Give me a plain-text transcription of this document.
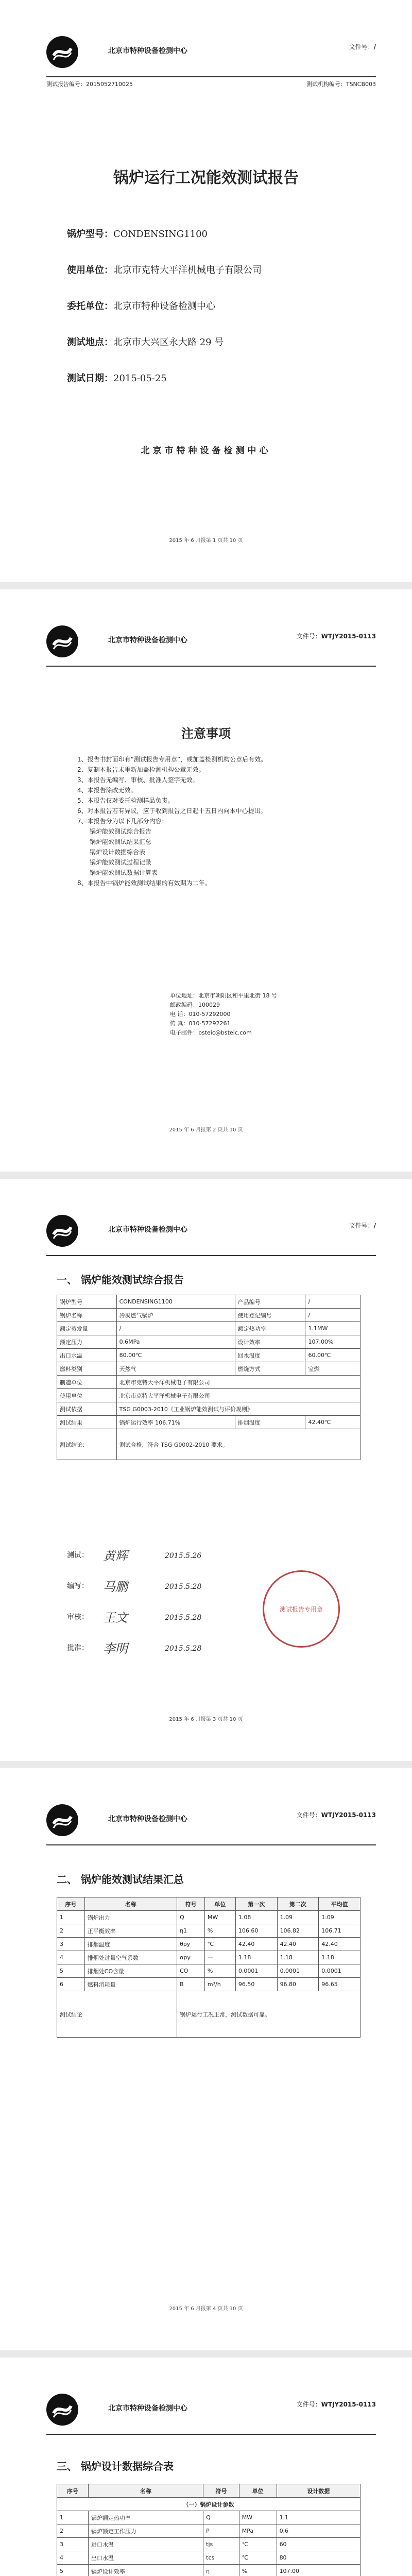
北京市特种设备检测中心	文件号：/
测试报告编号：2015052710025	测试机构编号：TSNCB003
锅炉运行工况能效测试报告
锅炉型号：CONDENSING1100
使用单位：北京市克特大平洋机械电子有限公司
委托单位：北京市特种设备检测中心
测试地点：北京市大兴区永大路 29 号
测试日期：2015-05-25
北京市特种设备检测中心
2015 年 6 月报第 1 页共 10 页
北京市特种设备检测中心	文件号：WTJY2015-0113
注意事项
1、报告书封面印有“测试报告专用章”，或加盖检测机构公章后有效。
2、复制本报告未重新加盖检测机构公章无效。
3、本报告无编写、审核、批准人签字无效。
4、本报告涂改无效。
5、本报告仅对委托检测样品负责。
6、对本报告若有异议，应于收到报告之日起十五日内向本中心提出。
7、本报告分为以下几部分内容：
锅炉能效测试综合报告
锅炉能效测试结果汇总
锅炉设计数据综合表
锅炉能效测试过程记录
锅炉能效测试数据计算表
8、本报告中锅炉能效测试结果的有效期为二年。
单位地址：北京市朝阳区和平里北街 18 号
邮政编码：100029
电 话：010-57292000
传 真：010-57292261
电子邮件：bsteic@bsteic.com
2015 年 6 月报第 2 页共 10 页
北京市特种设备检测中心	文件号：/
一、 锅炉能效测试综合报告
锅炉型号	CONDENSING1100	产品编号	/
锅炉名称	冷凝燃气锅炉	使用登记编号	/
额定蒸发量	/	额定热功率	1.1MW
额定压力	0.6MPa	设计效率	107.00%
出口水温	80.00℃	回水温度	60.00℃
燃料类别	天然气	燃烧方式	室燃
制造单位	北京市克特大平洋机械电子有限公司		
使用单位	北京市克特大平洋机械电子有限公司		
测试依据	TSG G0003-2010《工业锅炉能效测试与评价规则》		
测试结果	锅炉运行效率 106.71%	排烟温度	42.40℃
测试结论：	测试合格，符合 TSG G0002-2010 要求。		
测试： 黄辉	2015.5.26
编写： 马鹏	2015.5.28
审核： 王文	2015.5.28
批准： 李明	2015.5.28
测试报告专用章
2015 年 6 月报第 3 页共 10 页
北京市特种设备检测中心	文件号：WTJY2015-0113
二、 锅炉能效测试结果汇总
序号	名称	符号	单位	第一次	第二次	平均值
1	锅炉出力	Q	MW	1.08	1.09	1.09
2	正平衡效率	η1	%	106.60	106.82	106.71
3	排烟温度	θpy	℃	42.40	42.40	42.40
4	排烟处过量空气系数	αpy	—	1.18	1.18	1.18
5	排烟处CO含量	CO	%	0.0001	0.0001	0.0001
6	燃料消耗量	B	m³/h	96.50	96.80	96.65
测试结论		锅炉运行工况正常，测试数据可靠。				
2015 年 6 月报第 4 页共 10 页
北京市特种设备检测中心	文件号：WTJY2015-0113
三、 锅炉设计数据综合表
序号	名称	符号	单位	设计数据
（一）锅炉设计参数				
1	锅炉额定热功率	Q	MW	1.1
2	锅炉额定工作压力	P	MPa	0.6
3	进口水温	tjs	℃	60
4	出口水温	tcs	℃	80
5	锅炉设计效率	η	%	107.00
